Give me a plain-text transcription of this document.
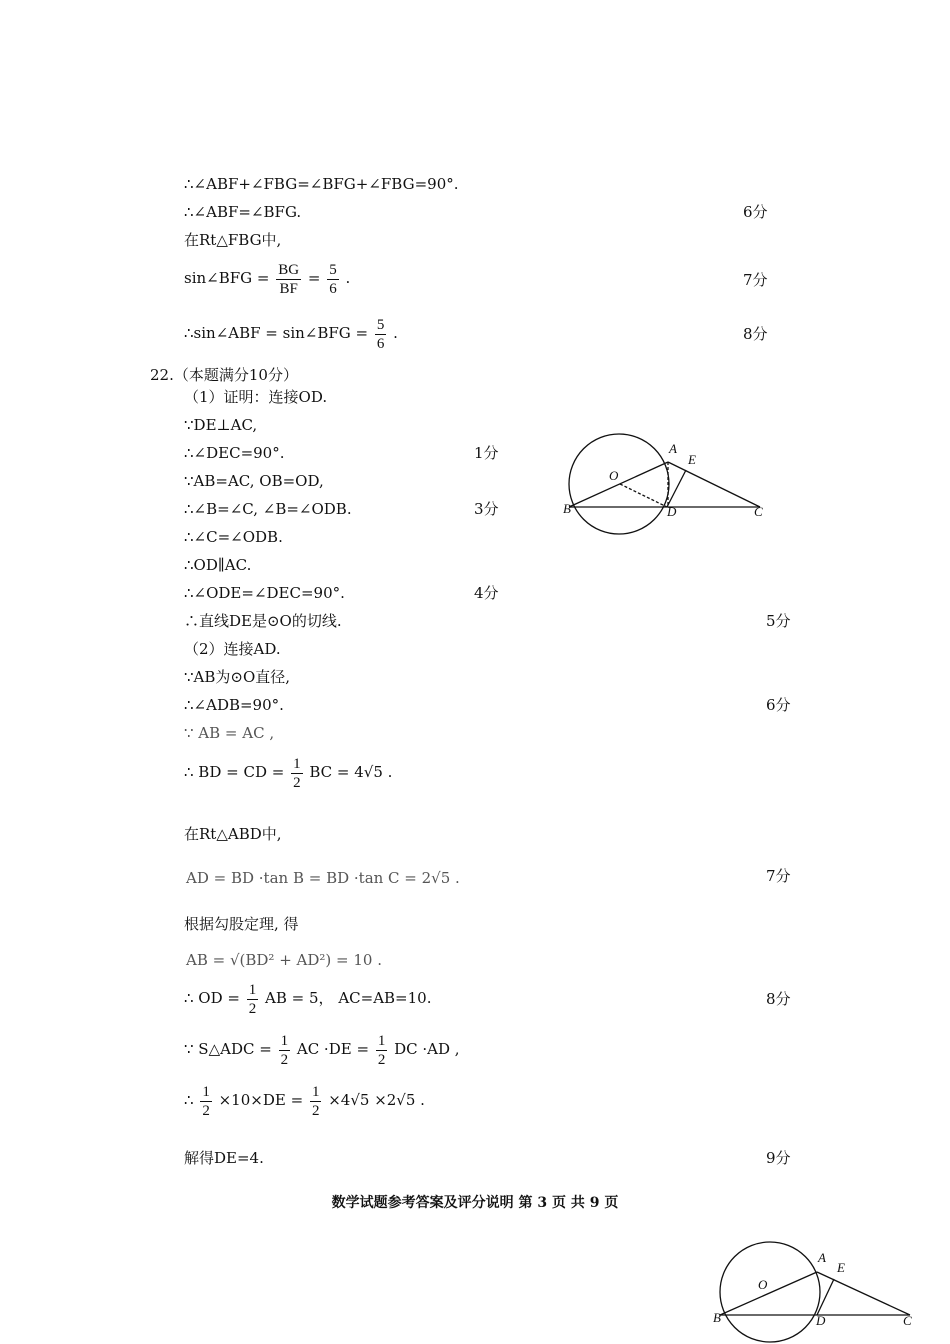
∴∠ABF+∠FBG=∠BFG+∠FBG=90°.
∴∠ABF=∠BFG.	6分
在Rt△FBG中,
sin∠BFG = $\frac{BG}{BF} = \frac{5}{6}$ .	7分
∴sin∠ABF = sin∠BFG = $\frac{5}{6}$ .	8分
22.（本题满分10分）
（1）证明：连接OD.
∵DE⊥AC,
∴∠DEC=90°.	1分
∵AB=AC, OB=OD,
∴∠B=∠C, ∠B=∠ODB.	3分
∴∠C=∠ODB.
∴OD∥AC.
∴∠ODE=∠DEC=90°.	4分
∴直线DE是⊙O的切线.	5分
（2）连接AD.
∵AB为⊙O直径,
∴∠ADB=90°.	6分
∵ AB = AC ,
∴ BD = CD = $\frac{1}{2}$ BC = 4√5 .
在Rt△ABD中,
AD = BD ·tan B = BD ·tan C = 2√5 .	7分
根据勾股定理, 得
AB = √(BD² + AD²) = 10 .
∴ OD = $\frac{1}{2}$ AB = 5， AC=AB=10.	8分
∵ S△ADC = $\frac{1}{2}$ AC $\cdot DE = \frac{1}{2}$ DC ·AD ,
∴ $\frac{1}{2} \times 10\times DE = \frac{1}{2} \times 4√5 \times 2√5$ .
解得DE=4.	9分
数学试题参考答案及评分说明 第 3 页 共 9 页
A
E
O
B	D	C
A
E
O
B	D	C
